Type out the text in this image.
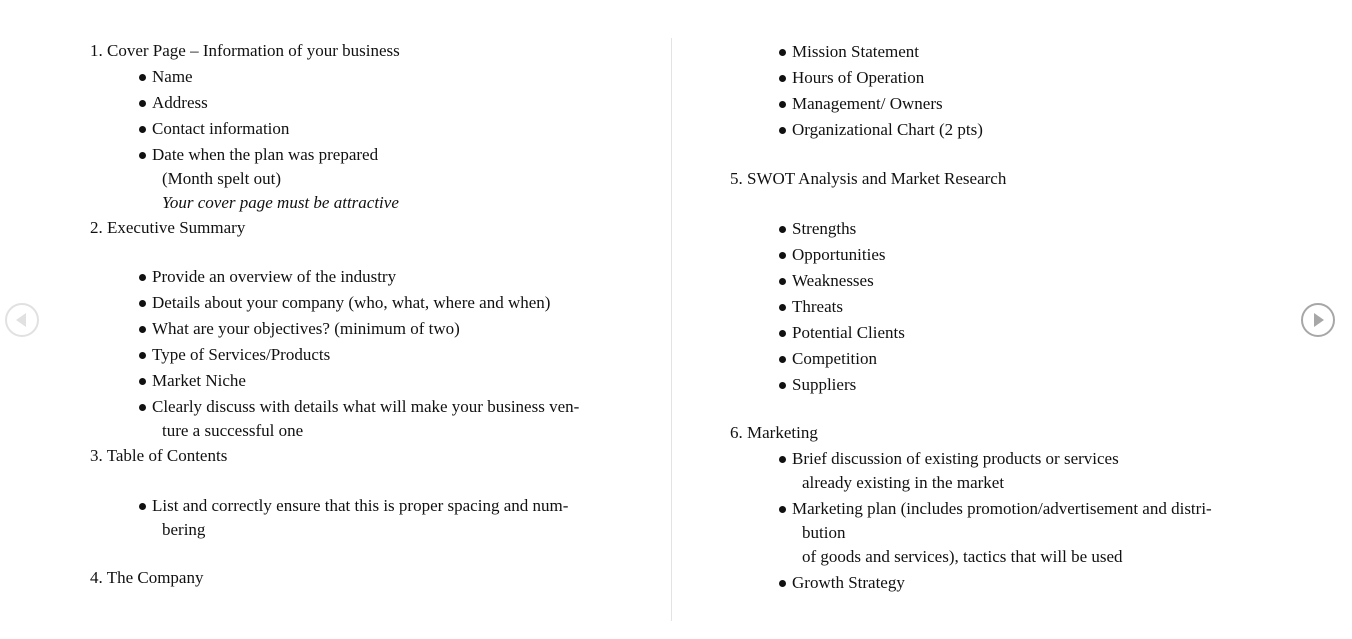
1. Cover Page – Information of your business
Name
Address
Contact information
Date when the plan was prepared
(Month spelt out)
Your cover page must be attractive
2. Executive Summary
Provide an overview of the industry
Details about your company (who, what, where and when)
What are your objectives? (minimum of two)
Type of Services/Products
Market Niche
Clearly discuss with details what will make your business ven-
ture a successful one
3. Table of Contents
List and correctly ensure that this is proper spacing and num-
bering
4. The Company
Mission Statement
Hours of Operation
Management/ Owners
Organizational Chart (2 pts)
5. SWOT Analysis and Market Research
Strengths
Opportunities
Weaknesses
Threats
Potential Clients
Competition
Suppliers
6. Marketing
Brief discussion of existing products or services
already existing in the market
Marketing plan (includes promotion/advertisement and distri-
bution
of goods and services), tactics that will be used
Growth Strategy
